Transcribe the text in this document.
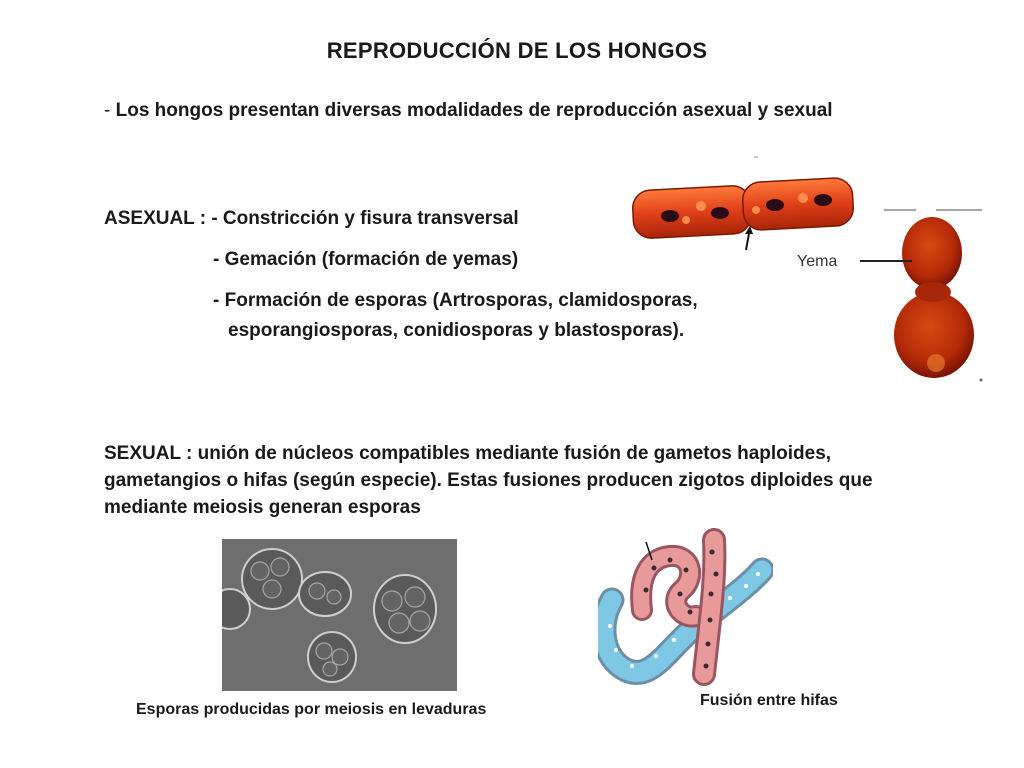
REPRODUCCIÓN DE LOS HONGOS
- Los hongos presentan diversas modalidades de reproducción asexual y sexual
ASEXUAL : - Constricción y fisura transversal
- Gemación (formación de yemas)
- Formación de esporas (Artrosporas, clamidosporas,
esporangiosporas, conidiosporas y blastosporas).
SEXUAL : unión de núcleos compatibles mediante fusión de gametos haploides, gametangios o hifas (según especie). Estas fusiones producen zigotos diploides que mediante meiosis generan esporas
Yema
Esporas producidas por meiosis en levaduras
Fusión entre hifas
